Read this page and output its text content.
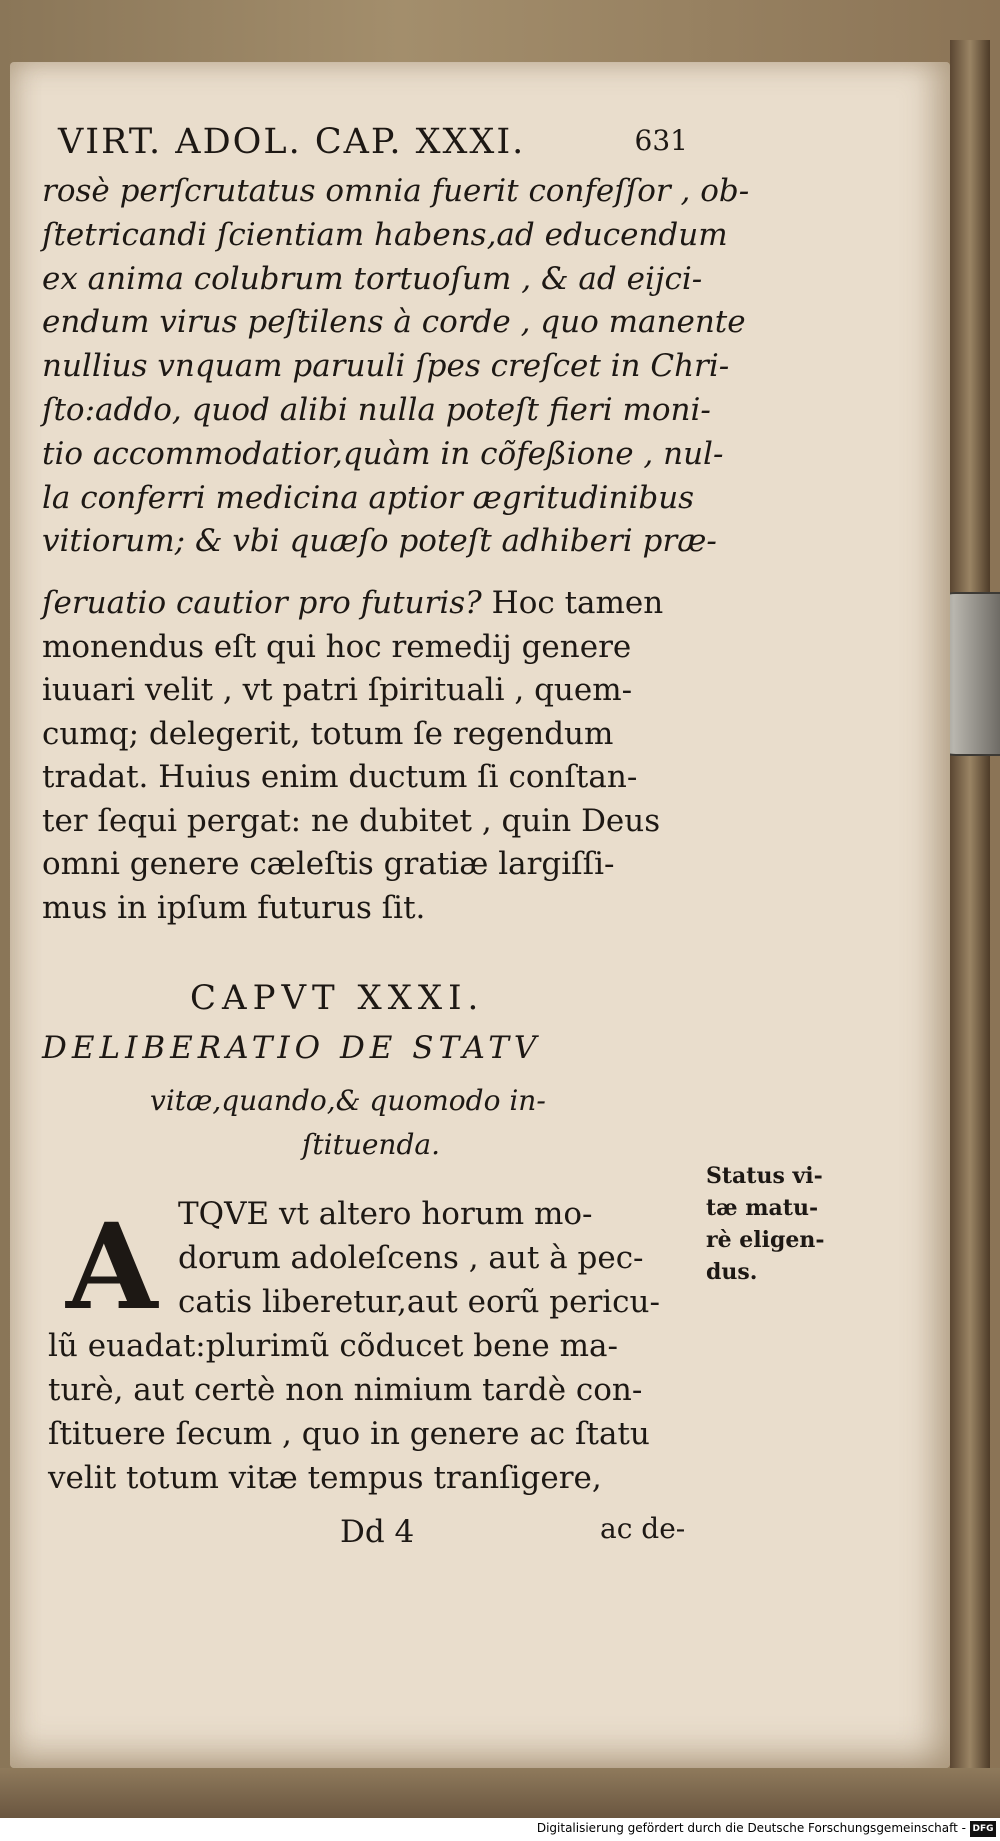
VIRT. ADOL. CAP. XXXI.	631
rosè perſcrutatus omnia fuerit confeſſor , ob-
ſtetricandi ſcientiam habens,ad educendum
ex anima colubrum tortuoſum , & ad eijci-
endum virus peſtilens à corde , quo manente
nullius vnquam paruuli ſpes creſcet in Chri-
ſto:addo, quod alibi nulla poteſt fieri moni-
tio accommodatior,quàm in cõfeßione , nul-
la conferri medicina aptior ægritudinibus
vitiorum; & vbi quæſo poteſt adhiberi præ-
ſeruatio cautior pro futuris? Hoc tamen
monendus eſt qui hoc remedij genere
iuuari velit , vt patri ſpirituali , quem-
cumq; delegerit, totum ſe regendum
tradat. Huius enim ductum ſi conſtan-
ter ſequi pergat: ne dubitet , quin Deus
omni genere cæleſtis gratiæ largiſſi-
mus in ipſum futurus ſit.
CAPVT XXXI.
DELIBERATIO DE STATV
vitæ,quando,& quomodo in-
ſtituenda.
A TQVE vt altero horum mo-
dorum adoleſcens , aut à pec-
catis liberetur,aut eorũ pericu-
lũ euadat:plurimũ cõducet bene ma-
turè, aut certè non nimium tardè con-
ſtituere ſecum , quo in genere ac ſtatu
velit totum vitæ tempus tranſigere,
Status vi-
tæ matu-
rè eligen-
dus.
Dd 4	ac de-
Digitalisierung gefördert durch die Deutsche Forschungsgemeinschaft - DFG
